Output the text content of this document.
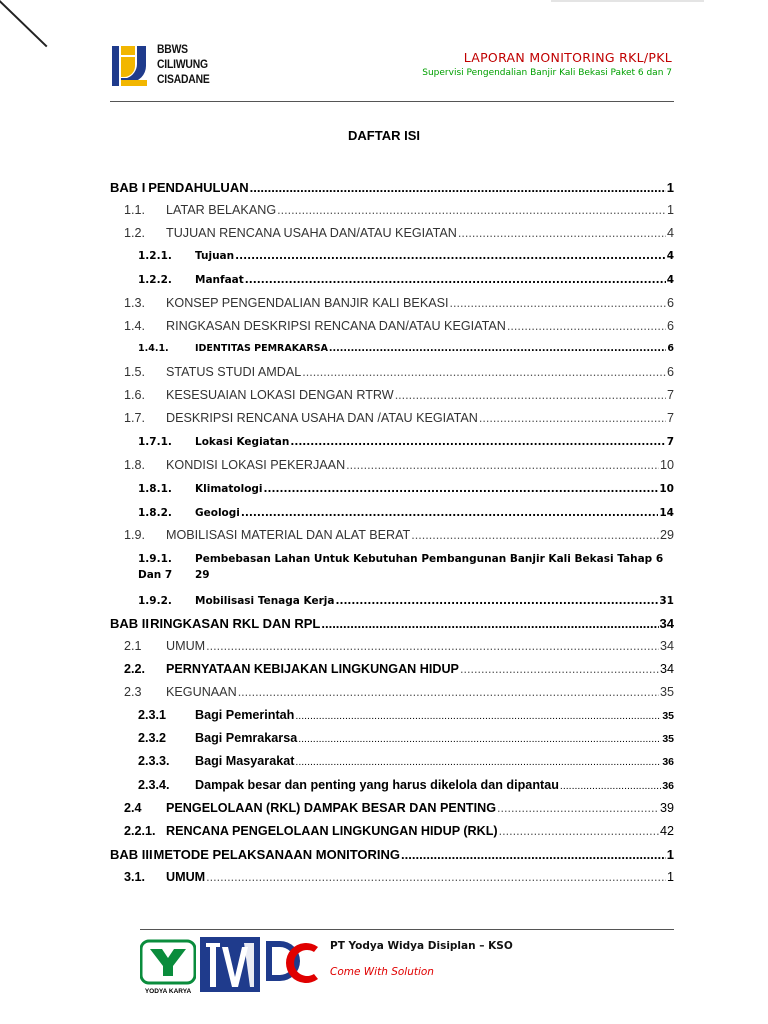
BBWS
CILIWUNG
CISADANE
LAPORAN MONITORING RKL/PKL
Supervisi Pengendalian Banjir Kali Bekasi Paket 6 dan 7
DAFTAR ISI
BAB I PENDAHULUAN .....	1
1.1.	LATAR BELAKANG .....	1
1.2.	TUJUAN RENCANA USAHA DAN/ATAU KEGIATAN .....	4
1.2.1.	Tujuan .....	4
1.2.2.	Manfaat .....	4
1.3.	KONSEP PENGENDALIAN BANJIR KALI BEKASI .....	6
1.4.	RINGKASAN DESKRIPSI RENCANA DAN/ATAU KEGIATAN .....	6
1.4.1.	IDENTITAS PEMRAKARSA .....	6
1.5.	STATUS STUDI AMDAL .....	6
1.6.	KESESUAIAN LOKASI DENGAN RTRW .....	7
1.7.	DESKRIPSI RENCANA USAHA DAN /ATAU KEGIATAN .....	7
1.7.1.	Lokasi Kegiatan .....	7
1.8.	KONDISI LOKASI PEKERJAAN .....	10
1.8.1.	Klimatologi .....	10
1.8.2.	Geologi .....	14
1.9.	MOBILISASI MATERIAL DAN ALAT BERAT .....	29
1.9.1.	Pembebasan Lahan Untuk Kebutuhan Pembangunan Banjir Kali Bekasi Tahap 6
Dan 7	29
1.9.2.	Mobilisasi Tenaga Kerja .....	31
BAB II RINGKASAN RKL DAN RPL .....	34
2.1	UMUM .....	34
2.2.	PERNYATAAN KEBIJAKAN LINGKUNGAN HIDUP .....	34
2.3	KEGUNAAN .....	35
2.3.1	Bagi Pemerintah .....	35
2.3.2	Bagi Pemrakarsa .....	35
2.3.3.	Bagi Masyarakat .....	36
2.3.4.	Dampak besar dan penting yang harus dikelola dan dipantau .....	36
2.4	PENGELOLAAN (RKL) DAMPAK BESAR DAN PENTING .....	39
2.2.1. RENCANA PENGELOLAAN LINGKUNGAN HIDUP (RKL) .....	42
BAB III METODE PELAKSANAAN MONITORING .....	1
3.1.	UMUM .....	1
YODYA KARYA
PT Yodya Widya Disiplan – KSO
Come With Solution
